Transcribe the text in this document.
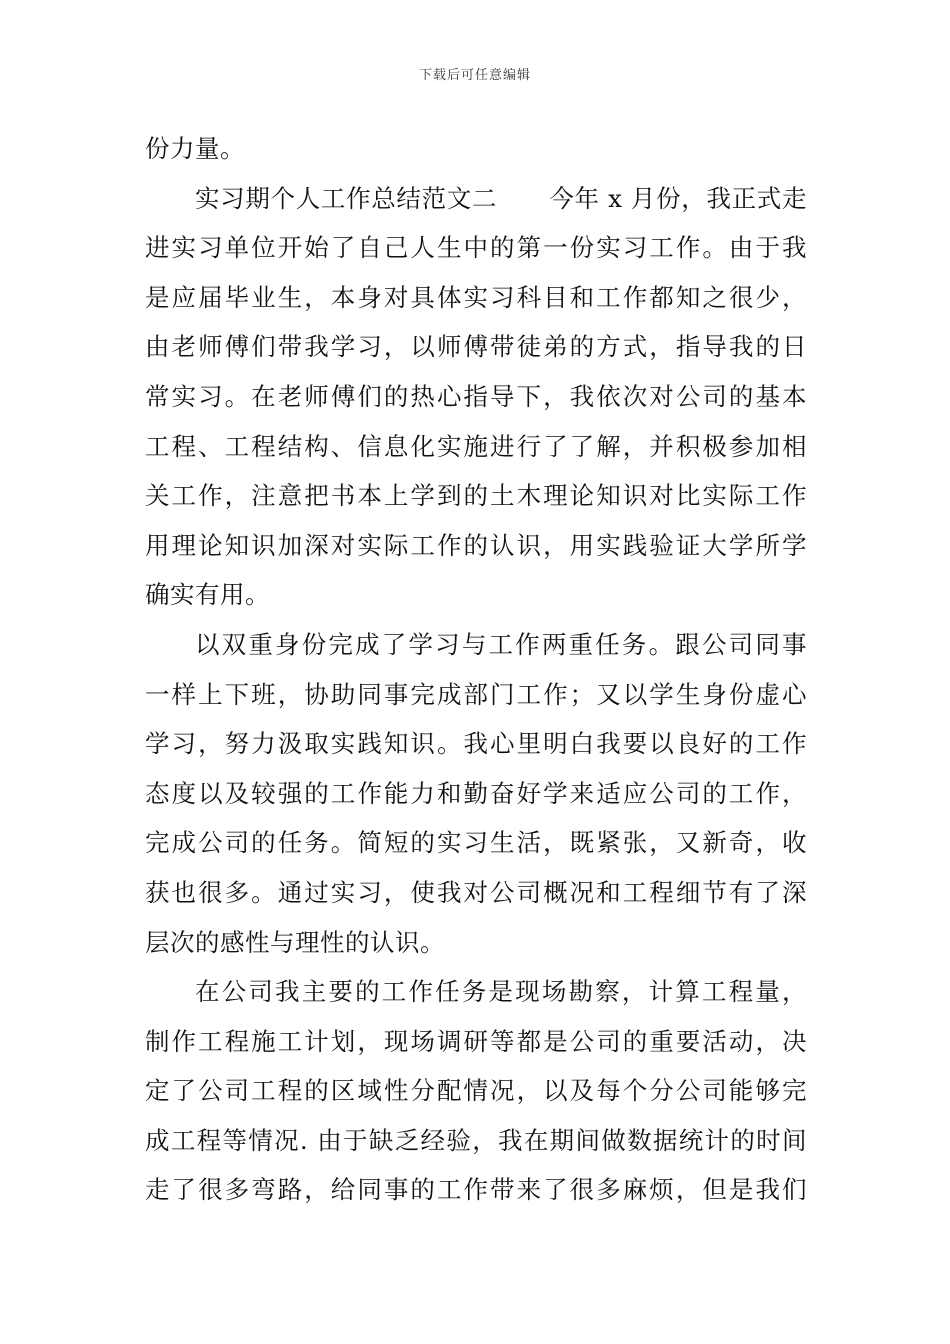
下载后可任意编辑
份力量。
实习期个人工作总结范文二 今年 x 月份，我正式走
进实习单位开始了自己人生中的第一份实习工作。由于我
是应届毕业生，本身对具体实习科目和工作都知之很少，
由老师傅们带我学习，以师傅带徒弟的方式，指导我的日
常实习。在老师傅们的热心指导下，我依次对公司的基本
工程、工程结构、信息化实施进行了了解，并积极参加相
关工作，注意把书本上学到的土木理论知识对比实际工作
用理论知识加深对实际工作的认识，用实践验证大学所学
确实有用。
以双重身份完成了学习与工作两重任务。跟公司同事
一样上下班，协助同事完成部门工作；又以学生身份虚心
学习，努力汲取实践知识。我心里明白我要以良好的工作
态度以及较强的工作能力和勤奋好学来适应公司的工作，
完成公司的任务。简短的实习生活，既紧张，又新奇，收
获也很多。通过实习，使我对公司概况和工程细节有了深
层次的感性与理性的认识。
在公司我主要的工作任务是现场勘察，计算工程量，
制作工程施工计划，现场调研等都是公司的重要活动，决
定了公司工程的区域性分配情况，以及每个分公司能够完
成工程等情况. 由于缺乏经验，我在期间做数据统计的时间
走了很多弯路，给同事的工作带来了很多麻烦，但是我们
